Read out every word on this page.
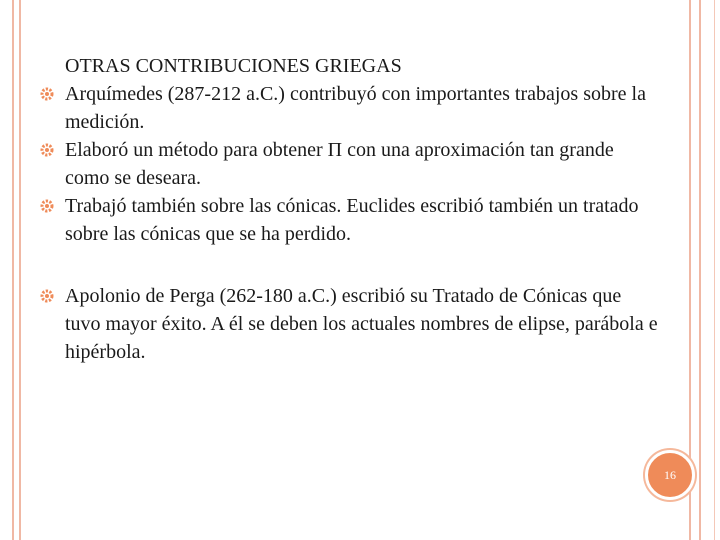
OTRAS CONTRIBUCIONES GRIEGAS
Arquímedes (287-212 a.C.) contribuyó con importantes trabajos sobre la medición.
Elaboró un método para obtener Π con una aproximación tan grande como se deseara.
Trabajó también sobre las cónicas. Euclides escribió también un tratado sobre las cónicas que se ha perdido.
Apolonio de Perga (262-180 a.C.) escribió su Tratado de Cónicas que tuvo mayor éxito. A él se deben los actuales nombres de elipse, parábola e hipérbola.
16
